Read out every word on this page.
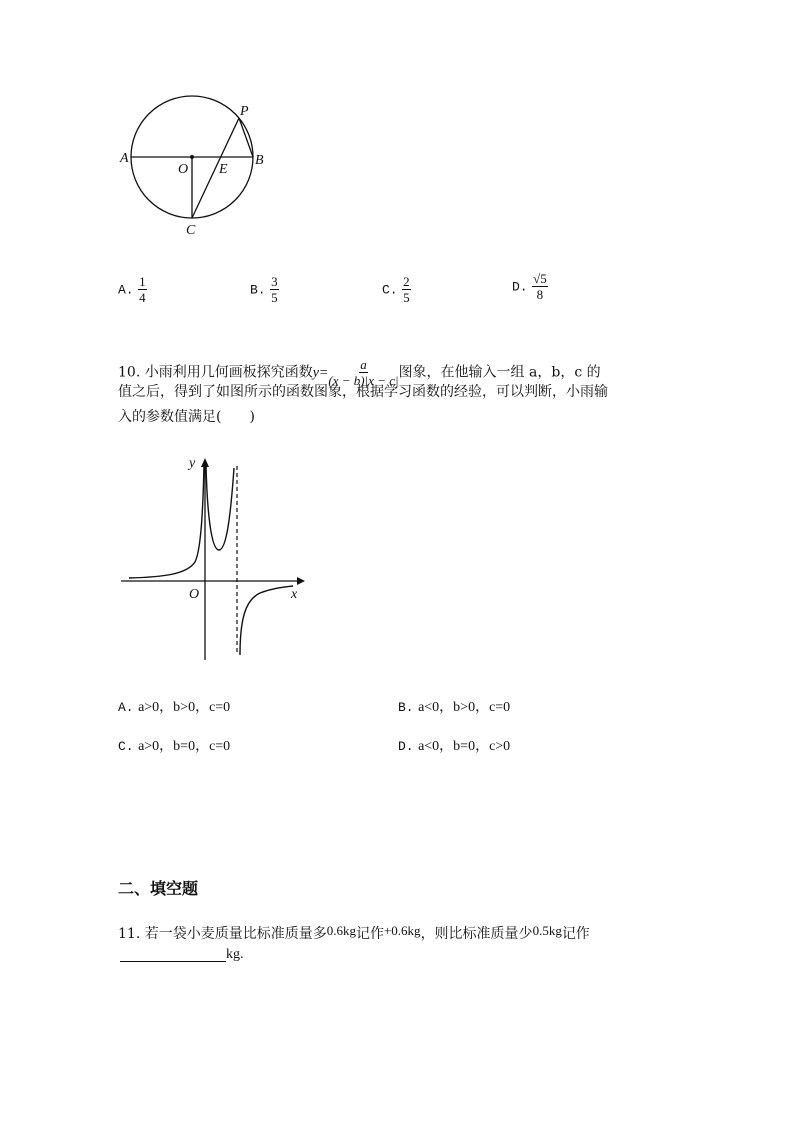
A	B
O E
C
P
A. $\frac{1}{4}$	B. $\frac{3}{5}$	C. $\frac{2}{5}$	D. $\frac{√5}{8}$
10. 小雨利用几何画板探究函数$y= \frac{a}{(x - b)|x - c|}$ 图象，在他输入一组 a，b，c 的
值之后，得到了如图所示的函数图象，根据学习函数的经验，可以判断，小雨输
入的参数值满足(　　)
y
x
O
A. a>0，b>0，c=0	B. a<0，b>0，c=0
C. a>0，b=0，c=0	D. a<0，b=0，c>0
二、填空题
11. 若一袋小麦质量比标准质量多0.6kg记作+0.6kg，则比标准质量少0.5kg记作
kg.
